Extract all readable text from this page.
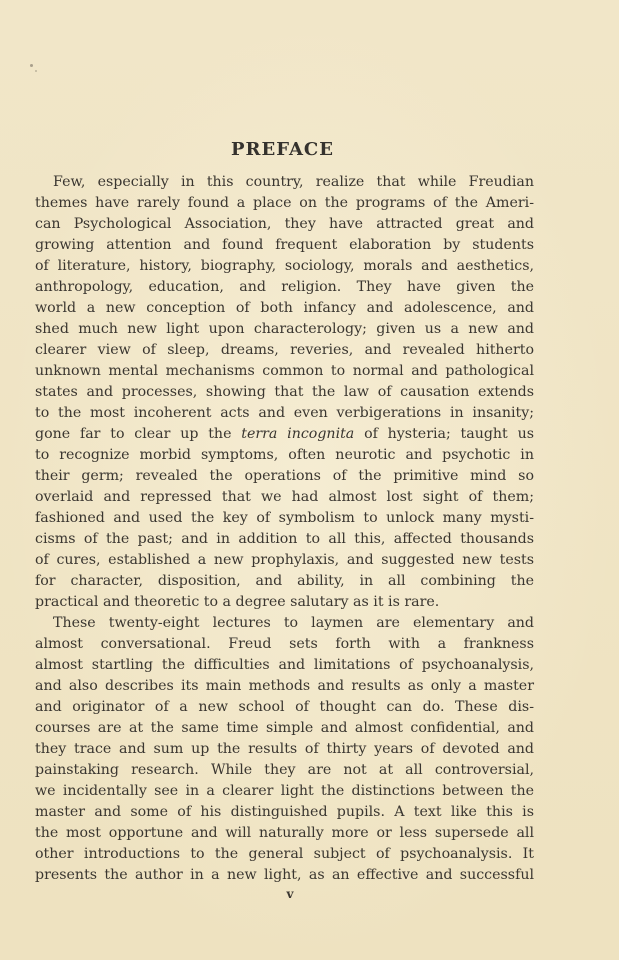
PREFACE
Few, especially in this country, realize that while Freudian
themes have rarely found a place on the programs of the Ameri-
can Psychological Association, they have attracted great and
growing attention and found frequent elaboration by students
of literature, history, biography, sociology, morals and aesthetics,
anthropology, education, and religion. They have given the
world a new conception of both infancy and adolescence, and
shed much new light upon characterology; given us a new and
clearer view of sleep, dreams, reveries, and revealed hitherto
unknown mental mechanisms common to normal and pathological
states and processes, showing that the law of causation extends
to the most incoherent acts and even verbigerations in insanity;
gone far to clear up the terra incognita of hysteria; taught us
to recognize morbid symptoms, often neurotic and psychotic in
their germ; revealed the operations of the primitive mind so
overlaid and repressed that we had almost lost sight of them;
fashioned and used the key of symbolism to unlock many mysti-
cisms of the past; and in addition to all this, affected thousands
of cures, established a new prophylaxis, and suggested new tests
for character, disposition, and ability, in all combining the
practical and theoretic to a degree salutary as it is rare.
These twenty-eight lectures to laymen are elementary and
almost conversational. Freud sets forth with a frankness
almost startling the difficulties and limitations of psychoanalysis,
and also describes its main methods and results as only a master
and originator of a new school of thought can do. These dis-
courses are at the same time simple and almost confidential, and
they trace and sum up the results of thirty years of devoted and
painstaking research. While they are not at all controversial,
we incidentally see in a clearer light the distinctions between the
master and some of his distinguished pupils. A text like this is
the most opportune and will naturally more or less supersede all
other introductions to the general subject of psychoanalysis. It
presents the author in a new light, as an effective and successful
v
